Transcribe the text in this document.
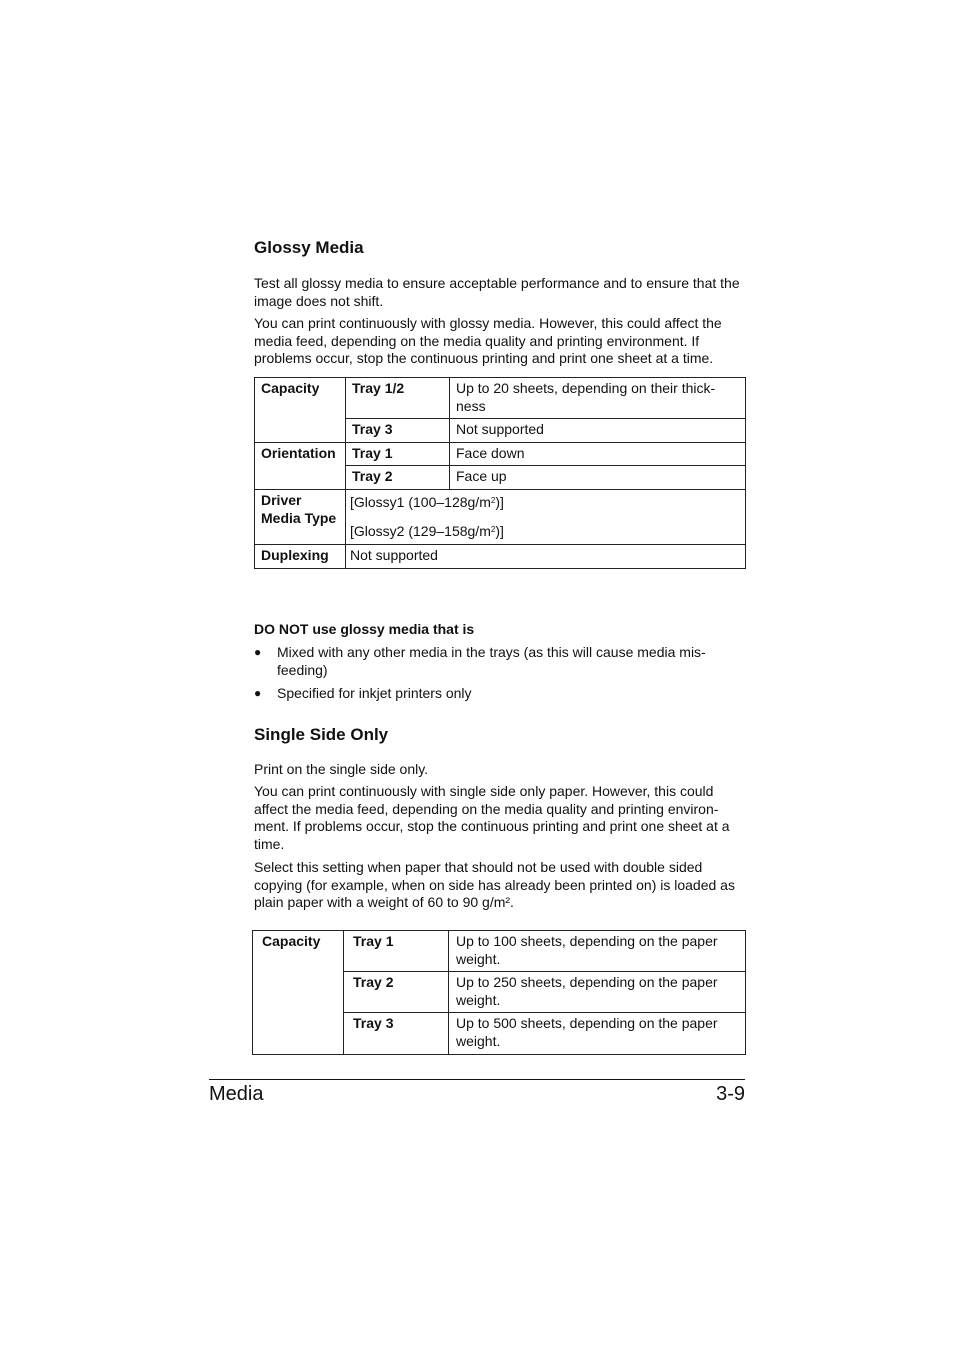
Glossy Media
Test all glossy media to ensure acceptable performance and to ensure that the image does not shift.
You can print continuously with glossy media. However, this could affect the media feed, depending on the media quality and printing environment. If problems occur, stop the continuous printing and print one sheet at a time.
Capacity	Tray 1/2	Up to 20 sheets, depending on their thick-ness
	Tray 3	Not supported
Orientation	Tray 1	Face down
	Tray 2	Face up
Driver Media Type	[Glossy1 $(100-128g/m^2)$]
[Glossy2 $(129-158g/m^2)$]	

Duplexing	Not supported	
DO NOT use glossy media that is
● Mixed with any other media in the trays (as this will cause media mis-feeding)
● Specified for inkjet printers only
Single Side Only
Print on the single side only.
You can print continuously with single side only paper. However, this could affect the media feed, depending on the media quality and printing environ-ment. If problems occur, stop the continuous printing and print one sheet at a time.
Select this setting when paper that should not be used with double sided copying (for example, when on side has already been printed on) is loaded as plain paper with a weight of 60 to 90 g/m².
Capacity	Tray 1	Up to 100 sheets, depending on the paper weight.
	Tray 2	Up to 250 sheets, depending on the paper weight.
	Tray 3	Up to 500 sheets, depending on the paper weight.
Media	3-9
